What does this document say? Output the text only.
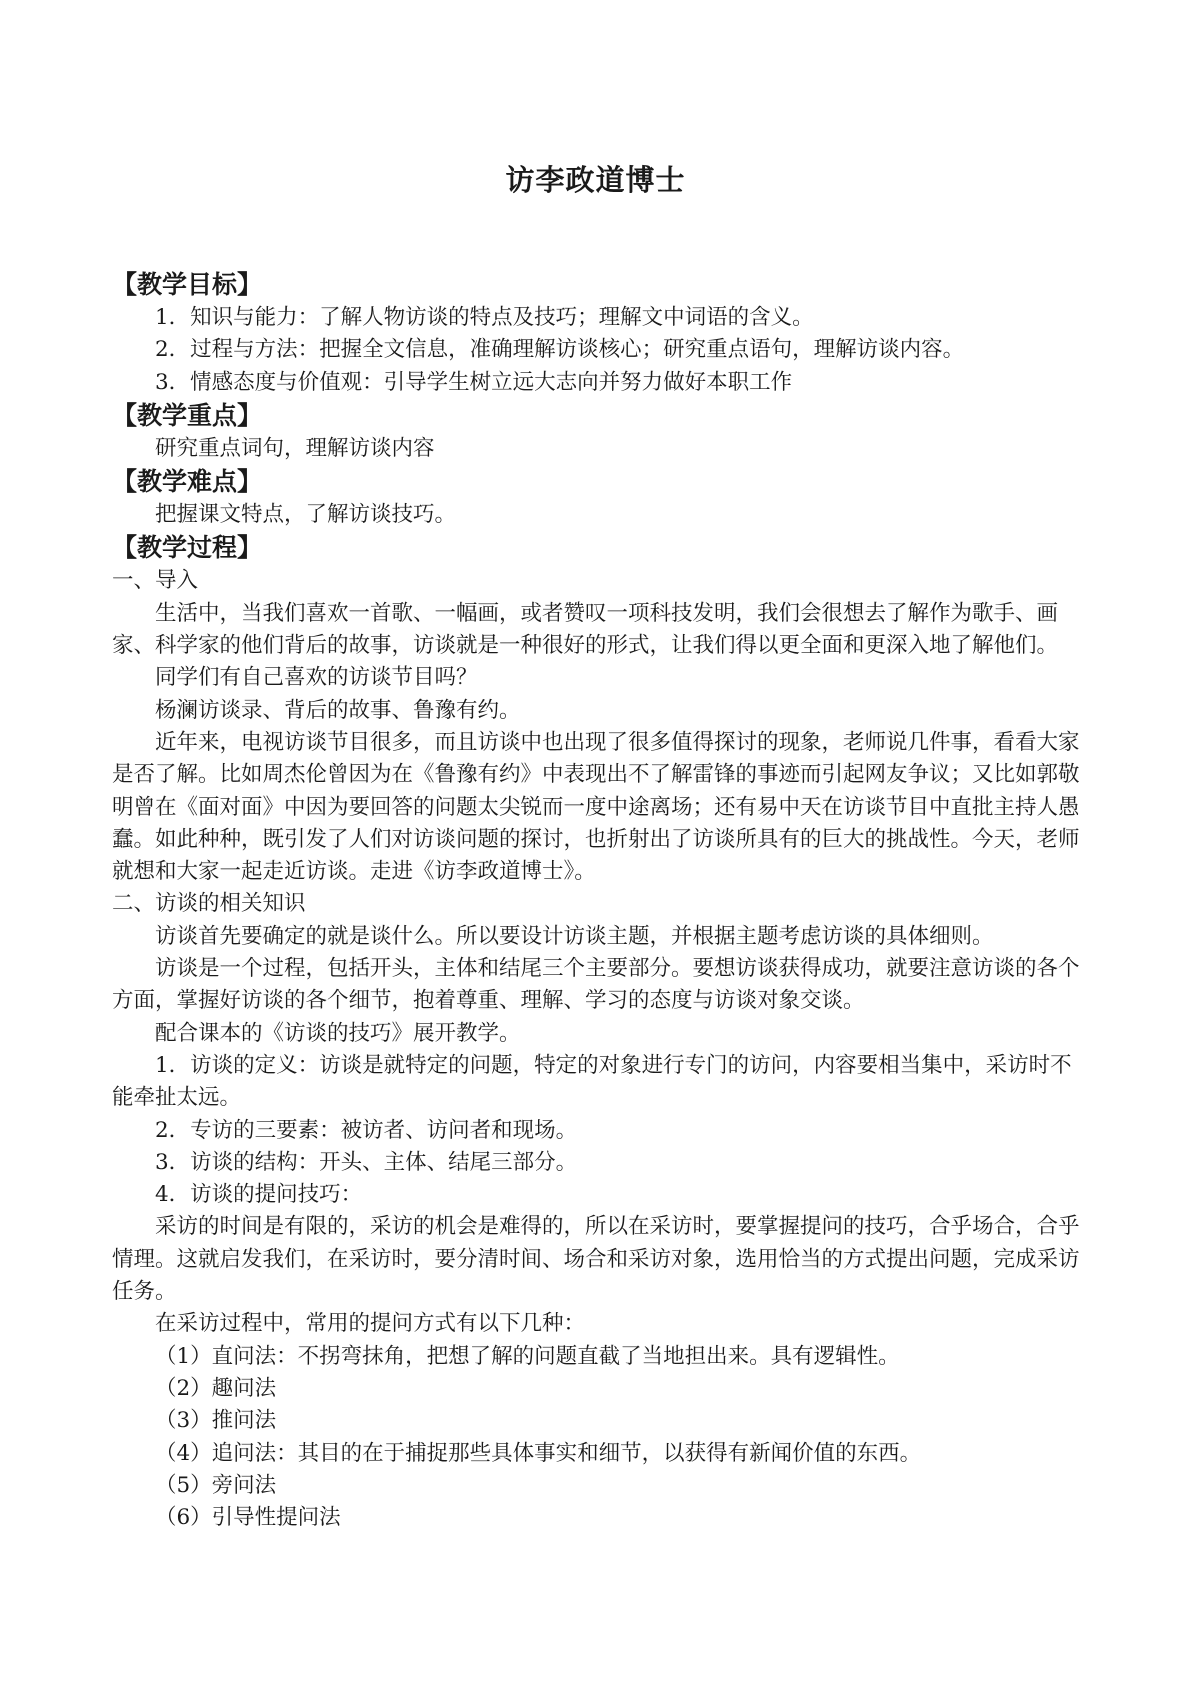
访李政道博士
【教学目标】
1．知识与能力：了解人物访谈的特点及技巧；理解文中词语的含义。
2．过程与方法：把握全文信息，准确理解访谈核心；研究重点语句，理解访谈内容。
3．情感态度与价值观：引导学生树立远大志向并努力做好本职工作
【教学重点】
研究重点词句，理解访谈内容
【教学难点】
把握课文特点，了解访谈技巧。
【教学过程】
一、导入
生活中，当我们喜欢一首歌、一幅画，或者赞叹一项科技发明，我们会很想去了解作为歌手、画家、科学家的他们背后的故事，访谈就是一种很好的形式，让我们得以更全面和更深入地了解他们。
同学们有自己喜欢的访谈节目吗？
杨澜访谈录、背后的故事、鲁豫有约。
近年来，电视访谈节目很多，而且访谈中也出现了很多值得探讨的现象，老师说几件事，看看大家是否了解。比如周杰伦曾因为在《鲁豫有约》中表现出不了解雷锋的事迹而引起网友争议；又比如郭敬明曾在《面对面》中因为要回答的问题太尖锐而一度中途离场；还有易中天在访谈节目中直批主持人愚蠢。如此种种，既引发了人们对访谈问题的探讨，也折射出了访谈所具有的巨大的挑战性。今天，老师就想和大家一起走近访谈。走进《访李政道博士》。
二、访谈的相关知识
访谈首先要确定的就是谈什么。所以要设计访谈主题，并根据主题考虑访谈的具体细则。
访谈是一个过程，包括开头，主体和结尾三个主要部分。要想访谈获得成功，就要注意访谈的各个方面，掌握好访谈的各个细节，抱着尊重、理解、学习的态度与访谈对象交谈。
配合课本的《访谈的技巧》展开教学。
1．访谈的定义：访谈是就特定的问题，特定的对象进行专门的访问，内容要相当集中，采访时不能牵扯太远。
2．专访的三要素：被访者、访问者和现场。
3．访谈的结构：开头、主体、结尾三部分。
4．访谈的提问技巧：
采访的时间是有限的，采访的机会是难得的，所以在采访时，要掌握提问的技巧，合乎场合，合乎情理。这就启发我们，在采访时，要分清时间、场合和采访对象，选用恰当的方式提出问题，完成采访任务。
在采访过程中，常用的提问方式有以下几种：
（1）直问法：不拐弯抹角，把想了解的问题直截了当地担出来。具有逻辑性。
（2）趣问法
（3）推问法
（4）追问法：其目的在于捕捉那些具体事实和细节，以获得有新闻价值的东西。
（5）旁问法
（6）引导性提问法
